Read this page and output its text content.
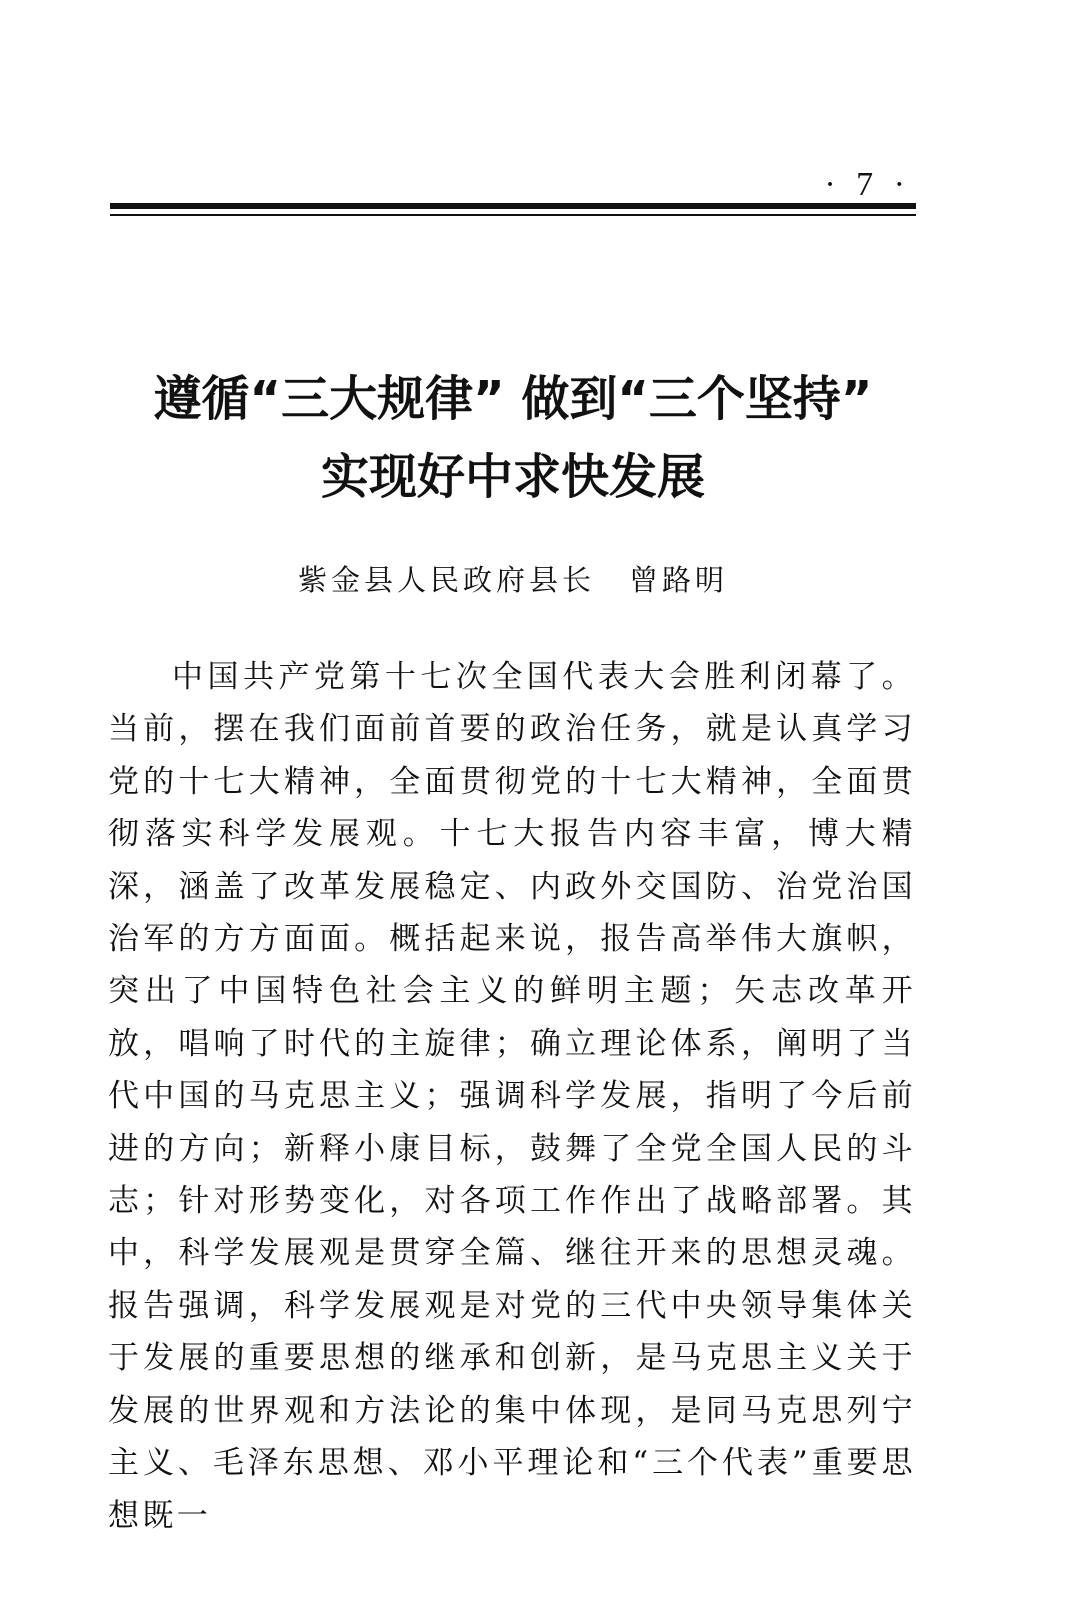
· 7 ·
遵循“三大规律” 做到“三个坚持”
实现好中求快发展
紫金县人民政府县长 曾路明

中国共产党第十七次全国代表大会胜利闭幕了。当前，摆在我们面前首要的政治任务，就是认真学习党的十七大精神，全面贯彻党的十七大精神，全面贯彻落实科学发展观。十七大报告内容丰富，博大精深，涵盖了改革发展稳定、内政外交国防、治党治国治军的方方面面。概括起来说，报告高举伟大旗帜，突出了中国特色社会主义的鲜明主题；矢志改革开放，唱响了时代的主旋律；确立理论体系，阐明了当代中国的马克思主义；强调科学发展，指明了今后前进的方向；新释小康目标，鼓舞了全党全国人民的斗志；针对形势变化，对各项工作作出了战略部署。其中，科学发展观是贯穿全篇、继往开来的思想灵魂。报告强调，科学发展观是对党的三代中央领导集体关于发展的重要思想的继承和创新，是马克思主义关于发展的世界观和方法论的集中体现，是同马克思列宁主义、毛泽东思想、邓小平理论和“三个代表”重要思想既一
